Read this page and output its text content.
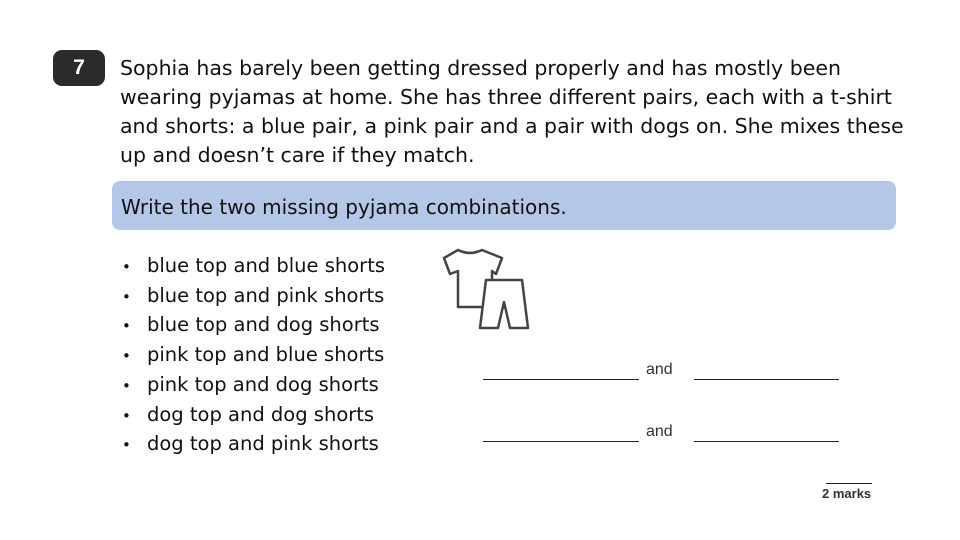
7 Sophia has barely been getting dressed properly and has mostly been wearing pyjamas at home. She has three different pairs, each with a t-shirt and shorts: a blue pair, a pink pair and a pair with dogs on. She mixes these up and doesn’t care if they match.

Write the two missing pyjama combinations.
• blue top and blue shorts
• blue top and pink shorts
• blue top and dog shorts
• pink top and blue shorts
• pink top and dog shorts
• dog top and dog shorts
• dog top and pink shorts
and
and
2 marks
